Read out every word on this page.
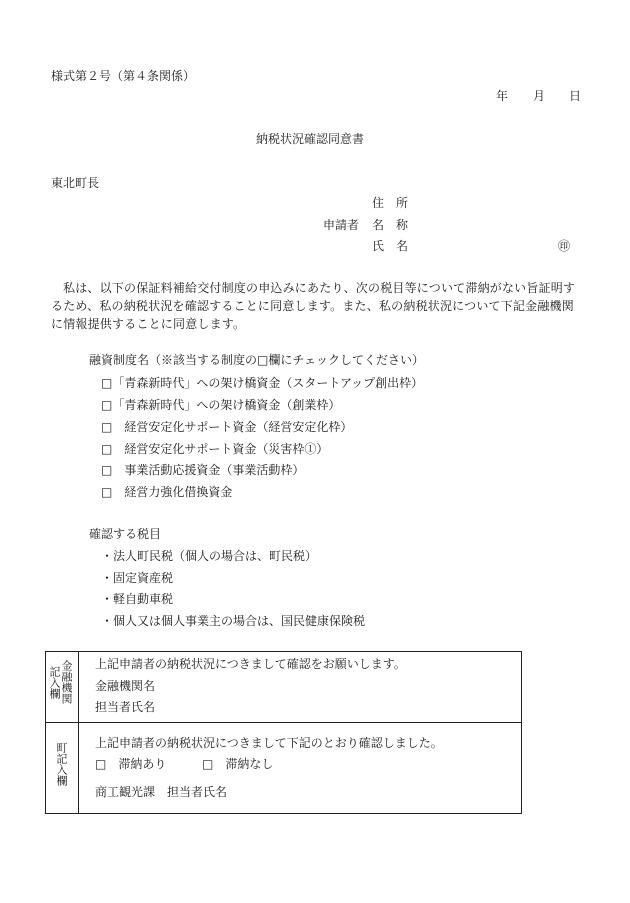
様式第２号（第４条関係）
年 月 日
納税状況確認同意書
東北町長
住　所
申請者 名　称
氏　名	㊞
私は、以下の保証料補給交付制度の申込みにあたり、次の税目等について滞納がない旨証明するため、私の納税状況を確認することに同意します。また、私の納税状況について下記金融機関に情報提供することに同意します。
融資制度名（※該当する制度の□欄にチェックしてください）
□「青森新時代」への架け橋資金（スタートアップ創出枠）
□「青森新時代」への架け橋資金（創業枠）
□　経営安定化サポート資金（経営安定化枠）
□　経営安定化サポート資金（災害枠①）
□　事業活動応援資金（事業活動枠）
□　経営力強化借換資金
確認する税目
・法人町民税（個人の場合は、町民税）
・固定資産税
・軽自動車税
・個人又は個人事業主の場合は、国民健康保険税
記入欄 金融機関 上記申請者の納税状況につきまして確認をお願いします。
金融機関名
担当者氏名
町記入欄 上記申請者の納税状況につきまして下記のとおり確認しました。
□　滞納あり	□　滞納なし
商工観光課　担当者氏名
